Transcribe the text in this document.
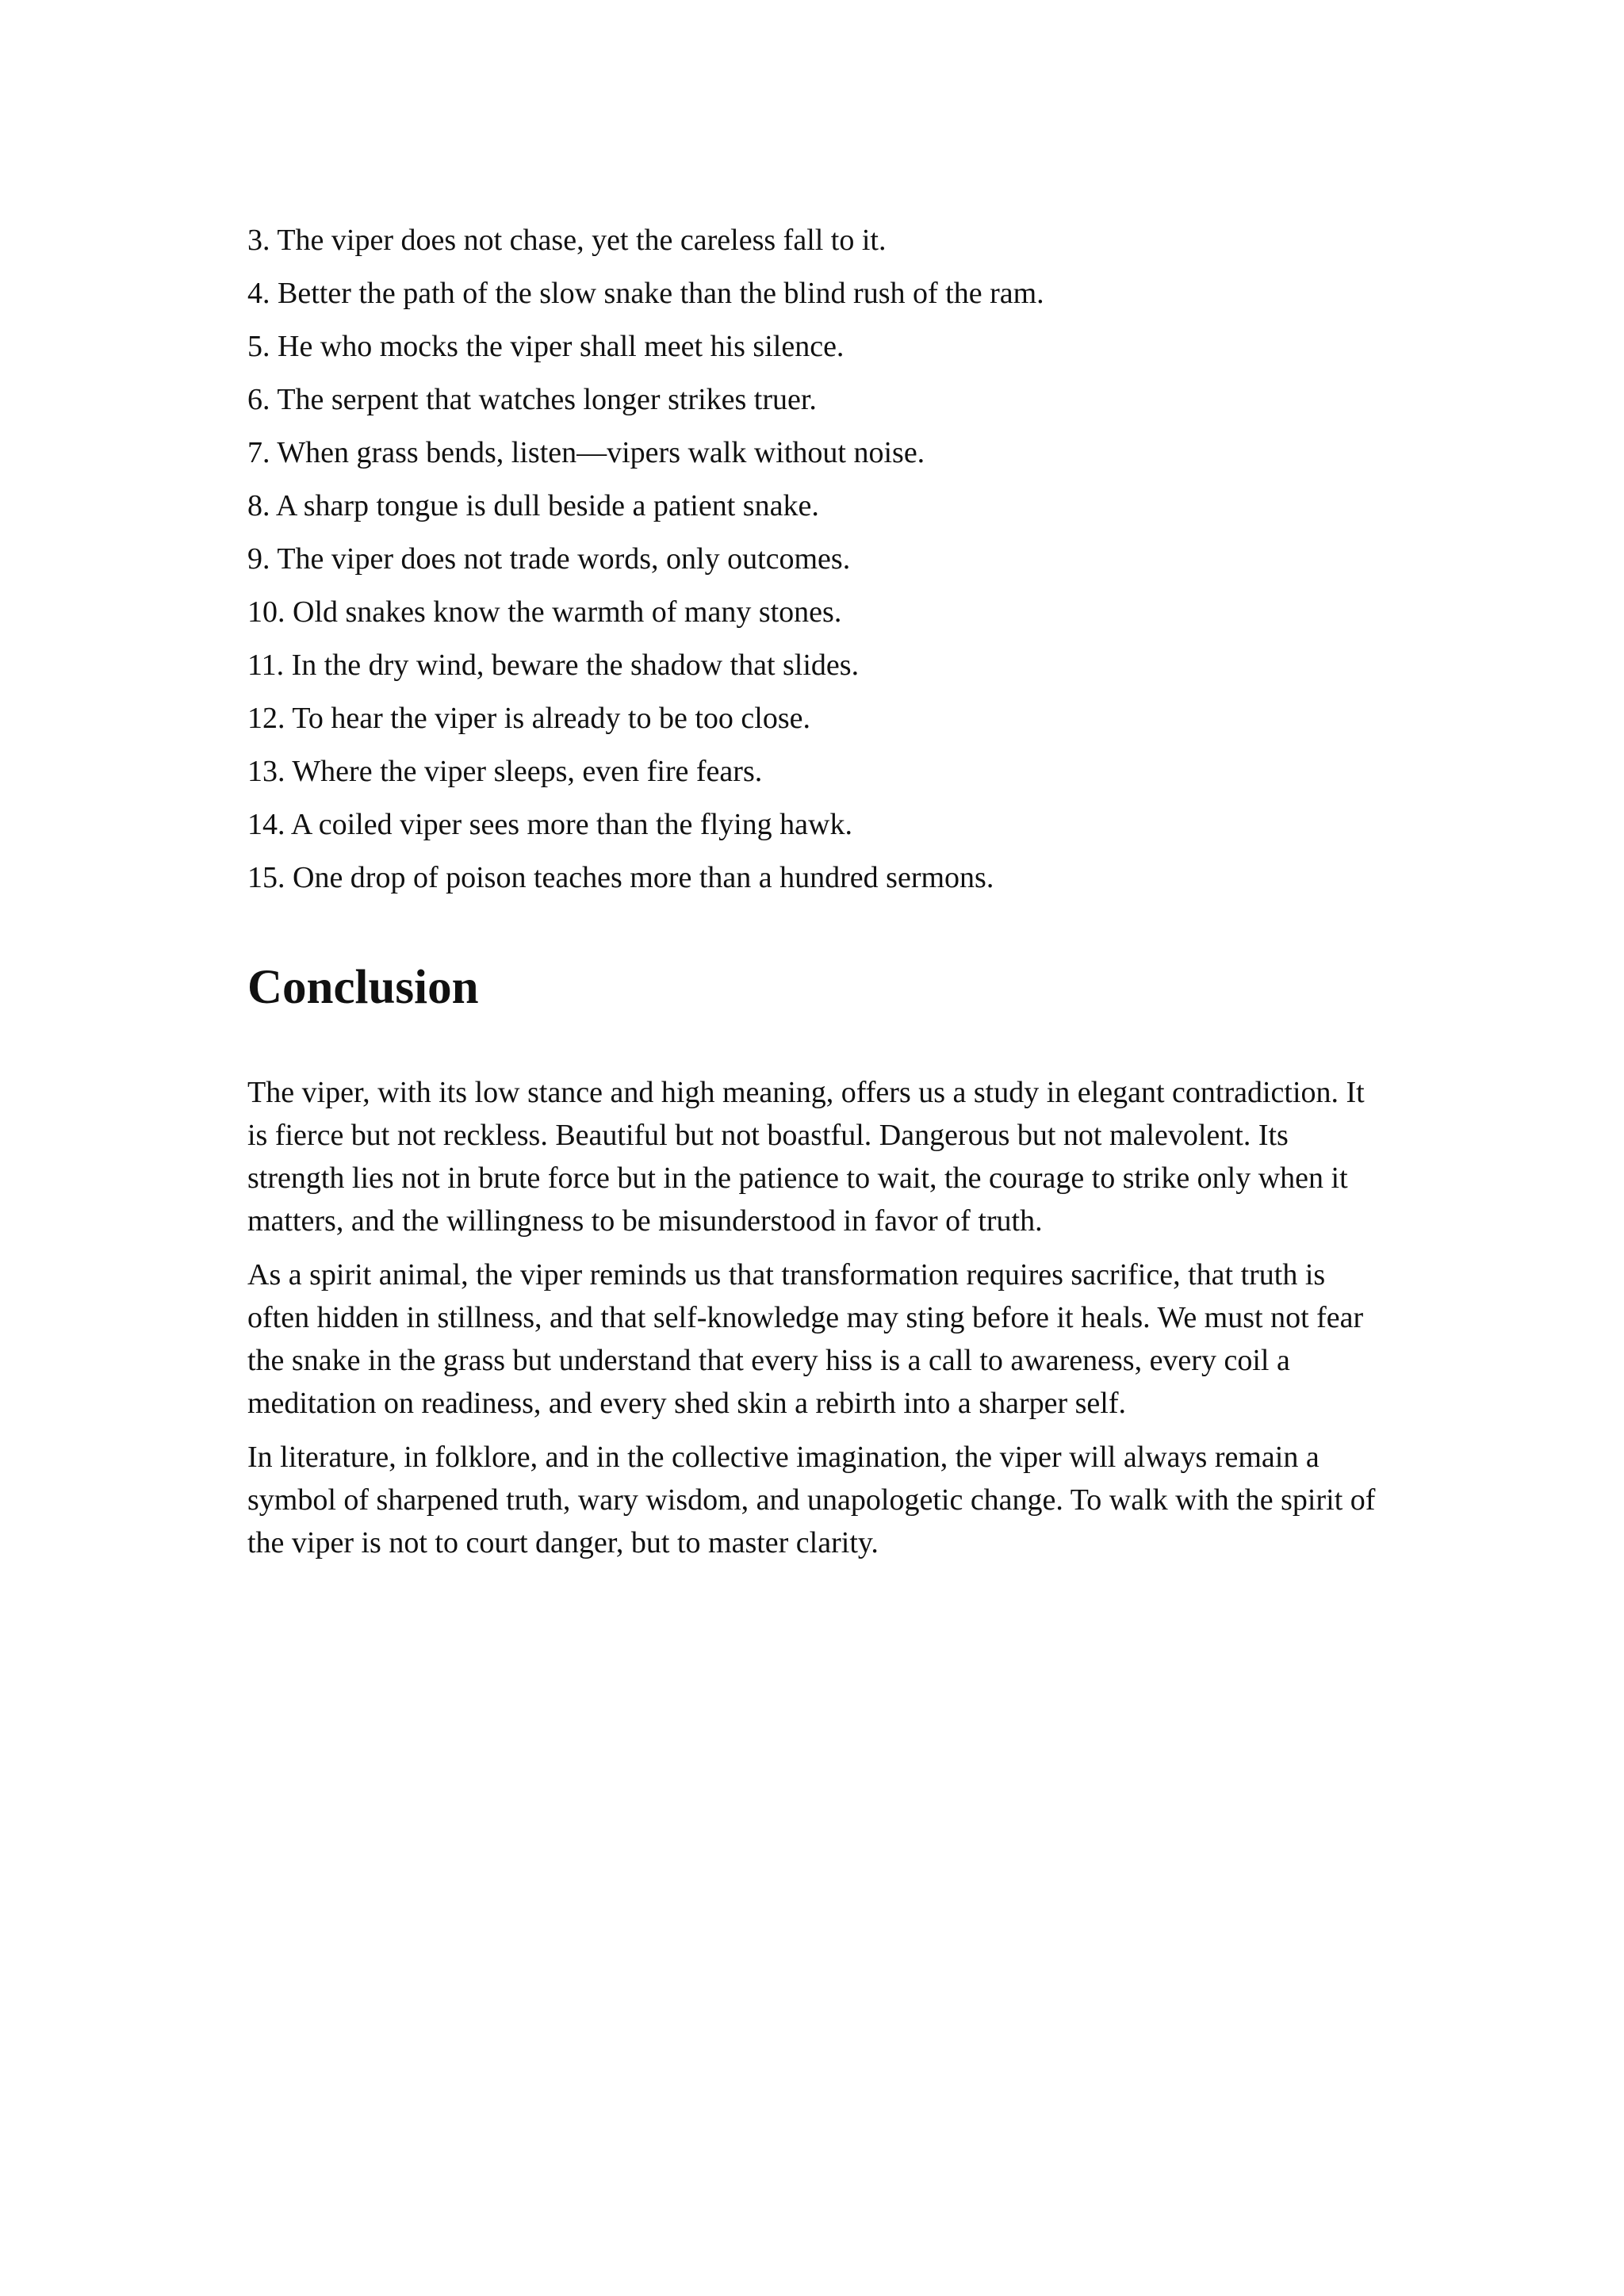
3. The viper does not chase, yet the careless fall to it.
4. Better the path of the slow snake than the blind rush of the ram.
5. He who mocks the viper shall meet his silence.
6. The serpent that watches longer strikes truer.
7. When grass bends, listen—vipers walk without noise.
8. A sharp tongue is dull beside a patient snake.
9. The viper does not trade words, only outcomes.
10. Old snakes know the warmth of many stones.
11. In the dry wind, beware the shadow that slides.
12. To hear the viper is already to be too close.
13. Where the viper sleeps, even fire fears.
14. A coiled viper sees more than the flying hawk.
15. One drop of poison teaches more than a hundred sermons.
Conclusion

The viper, with its low stance and high meaning, offers us a study in elegant contradiction. It is fierce but not reckless. Beautiful but not boastful. Dangerous but not malevolent. Its strength lies not in brute force but in the patience to wait, the courage to strike only when it matters, and the willingness to be misunderstood in favor of truth.

As a spirit animal, the viper reminds us that transformation requires sacrifice, that truth is often hidden in stillness, and that self-knowledge may sting before it heals. We must not fear the snake in the grass but understand that every hiss is a call to awareness, every coil a meditation on readiness, and every shed skin a rebirth into a sharper self.

In literature, in folklore, and in the collective imagination, the viper will always remain a symbol of sharpened truth, wary wisdom, and unapologetic change. To walk with the spirit of the viper is not to court danger, but to master clarity.
